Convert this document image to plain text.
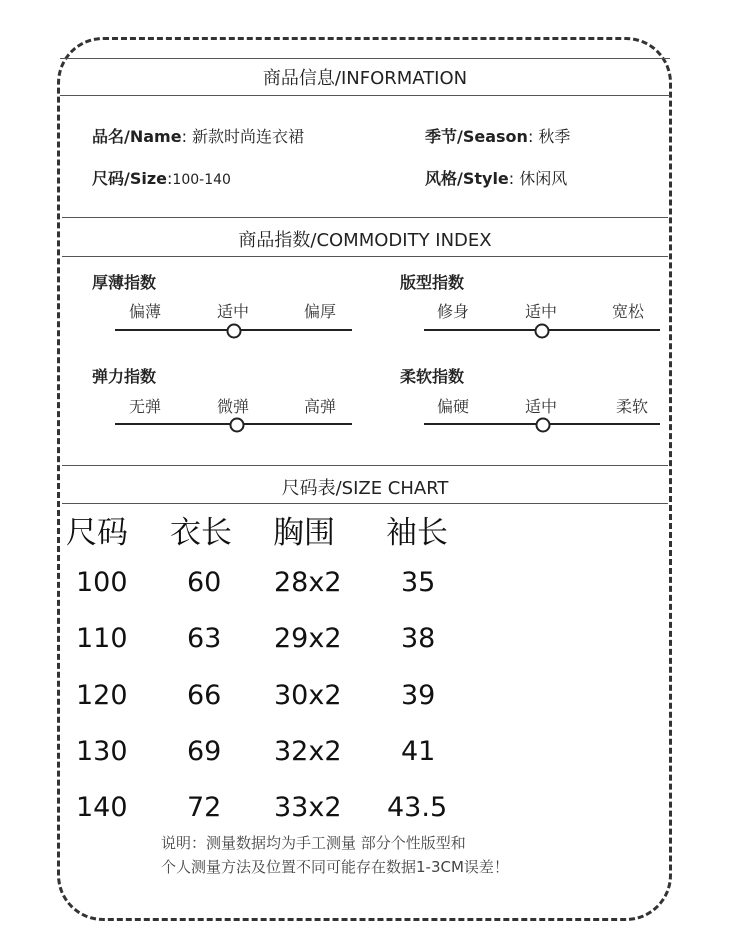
商品信息/INFORMATION
品名/Name: 新款时尚连衣裙	季节/Season: 秋季
尺码/Size:100-140	风格/Style: 休闲风
商品指数/COMMODITY INDEX
厚薄指数
偏薄	适中	偏厚
版型指数
修身	适中	宽松
弹力指数
无弹	微弹	高弹
柔软指数
偏硬	适中	柔软
尺码表/SIZE CHART
尺码 衣长 胸围 袖长
100 60 28x2 35
110 63 29x2 38
120 66 30x2 39
130 69 32x2 41
140 72 33x2 43.5
说明：测量数据均为手工测量 部分个性版型和
个人测量方法及位置不同可能存在数据1-3CM误差！
